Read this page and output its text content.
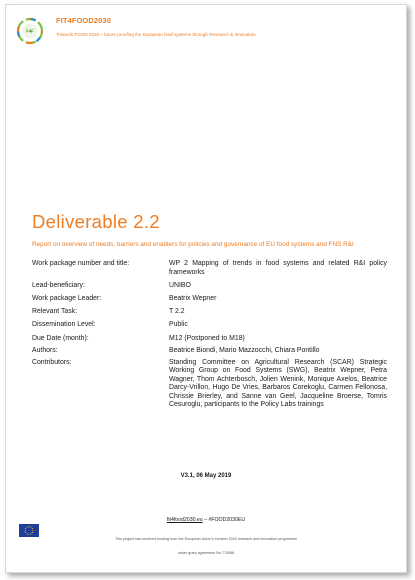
F4F
FIT4FOOD2030
Towards FOOD 2030 – future proofing the European food systems through Research & Innovation
Deliverable 2.2
Report on overview of needs, barriers and enablers for policies and governance of EU food systems and FNS R&I
Work package number and title:	WP 2 Mapping of trends in food systems and related R&I policy frameworks
Lead-beneficiary:	UNIBO
Work package Leader:	Beatrix Wepner
Relevant Task:	T 2.2
Dissemination Level:	Public
Due Date (month):	M12 (Postponed to M18)
Authors:	Beatrice Biondi, Mario Mazzocchi, Chiara Pontillo
Contributors:	Standing Committee on Agricultural Research (SCAR) Strategic Working Group on Food Systems (SWG), Beatrix Wepner, Petra Wagner, Thom Achterbosch, Jolien Wenink, Monique Axelos, Beatrice Darcy-Vrillon, Hugo De Vries, Barbaros Corekoglu, Carmen Fellonosa, Chrissie Brierley, and Sanne van Geel, Jacqueline Broerse, Tomris Cesuroglu, participants to the Policy Labs trainings
V3.1, 06 May 2019
fit4food2030.eu – #FOOD2030EU
This project has received funding from the European Union's Horizon 2020 research and innovation programme
under grant agreement No 774088
